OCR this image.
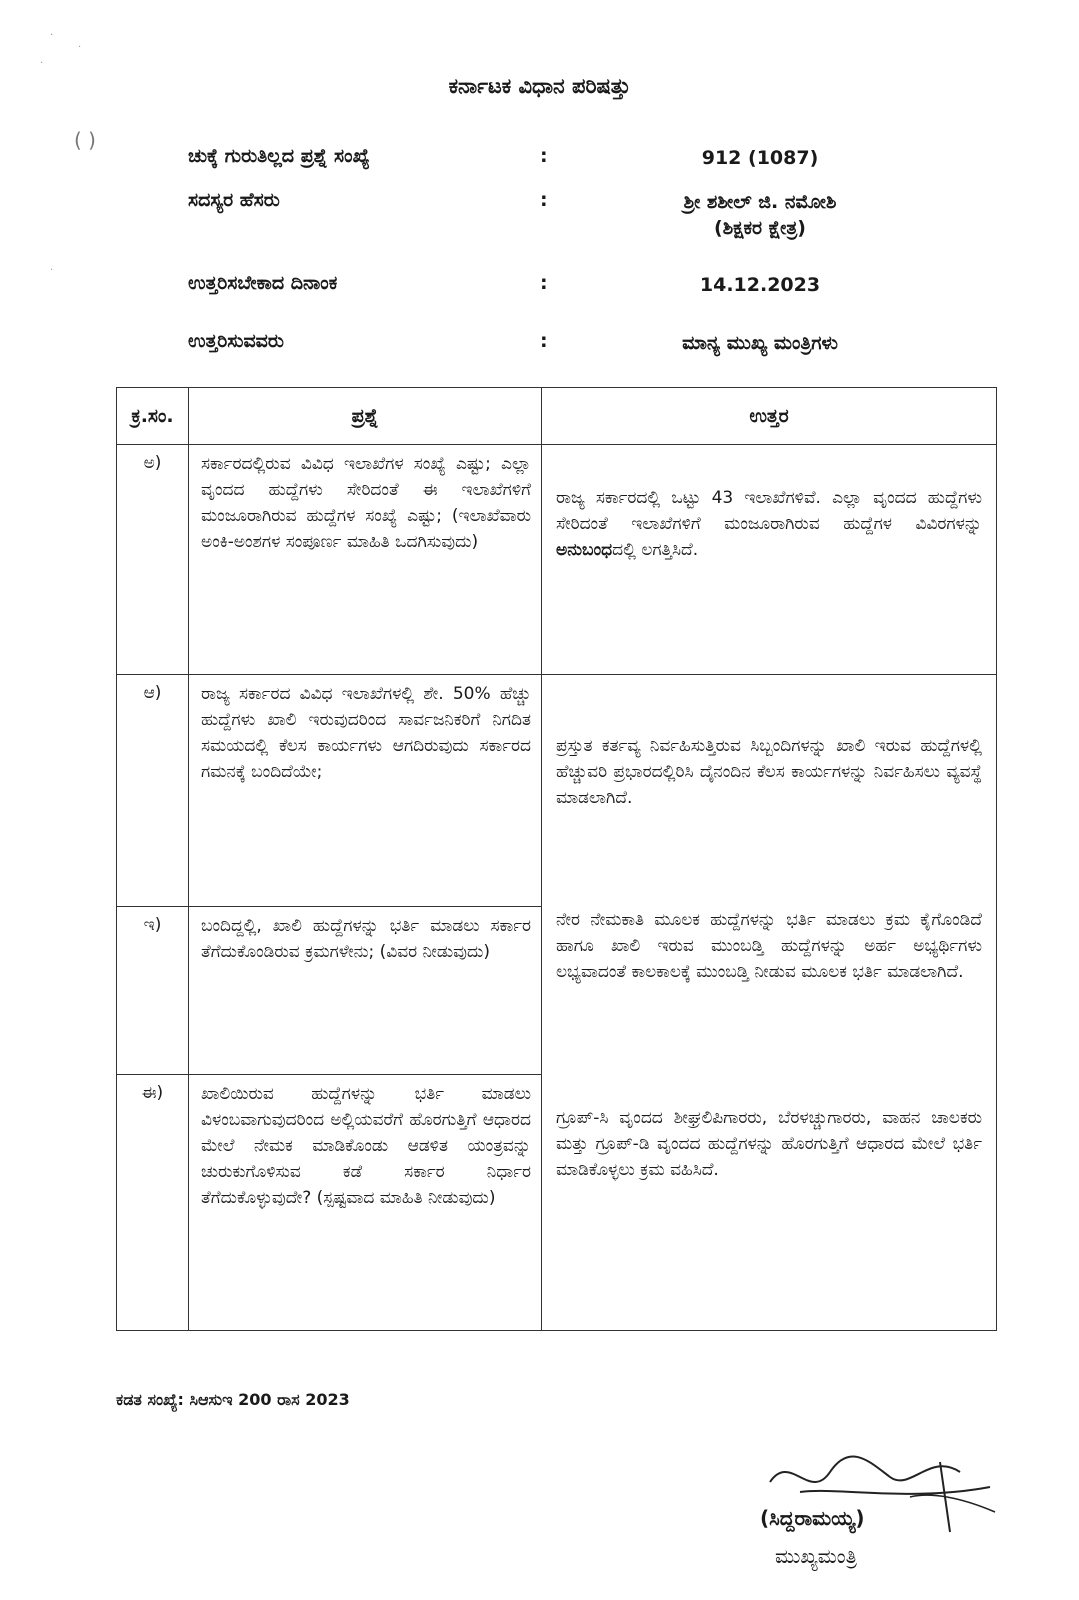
·
·
·
·
( )
ಕರ್ನಾಟಕ ವಿಧಾನ ಪರಿಷತ್ತು
ಚುಕ್ಕೆ ಗುರುತಿಲ್ಲದ ಪ್ರಶ್ನೆ ಸಂಖ್ಯೆ	:	912 (1087)
ಸದಸ್ಯರ ಹೆಸರು	:	ಶ್ರೀ ಶಶೀಲ್ ಜಿ. ನಮೋಶಿ
(ಶಿಕ್ಷಕರ ಕ್ಷೇತ್ರ)
ಉತ್ತರಿಸಬೇಕಾದ ದಿನಾಂಕ	:	14.12.2023
ಉತ್ತರಿಸುವವರು	:	ಮಾನ್ಯ ಮುಖ್ಯ ಮಂತ್ರಿಗಳು
ಕ್ರ.ಸಂ.	ಪ್ರಶ್ನೆ	ಉತ್ತರ
ಅ)	ಸರ್ಕಾರದಲ್ಲಿರುವ ವಿವಿಧ ಇಲಾಖೆಗಳ ಸಂಖ್ಯೆ ಎಷ್ಟು; ಎಲ್ಲಾ ವೃಂದದ ಹುದ್ದೆಗಳು ಸೇರಿದಂತೆ ಈ ಇಲಾಖೆಗಳಿಗೆ ಮಂಜೂರಾಗಿರುವ ಹುದ್ದೆಗಳ ಸಂಖ್ಯೆ ಎಷ್ಟು; (ಇಲಾಖೆವಾರು ಅಂಕಿ-ಅಂಶಗಳ ಸಂಪೂರ್ಣ ಮಾಹಿತಿ ಒದಗಿಸುವುದು)	ರಾಜ್ಯ ಸರ್ಕಾರದಲ್ಲಿ ಒಟ್ಟು 43 ಇಲಾಖೆಗಳಿವೆ. ಎಲ್ಲಾ ವೃಂದದ ಹುದ್ದೆಗಳು ಸೇರಿದಂತೆ ಇಲಾಖೆಗಳಿಗೆ ಮಂಜೂರಾಗಿರುವ ಹುದ್ದೆಗಳ ವಿವಿರಗಳನ್ನು ಅನುಬಂಧದಲ್ಲಿ ಲಗತ್ತಿಸಿದೆ.

ಆ)	ರಾಜ್ಯ ಸರ್ಕಾರದ ವಿವಿಧ ಇಲಾಖೆಗಳಲ್ಲಿ ಶೇ. 50% ಹೆಚ್ಚು ಹುದ್ದೆಗಳು ಖಾಲಿ ಇರುವುದರಿಂದ ಸಾರ್ವಜನಿಕರಿಗೆ ನಿಗದಿತ ಸಮಯದಲ್ಲಿ ಕೆಲಸ ಕಾರ್ಯಗಳು ಆಗದಿರುವುದು ಸರ್ಕಾರದ ಗಮನಕ್ಕೆ ಬಂದಿದೆಯೇ;	ಪ್ರಸ್ತುತ ಕರ್ತವ್ಯ ನಿರ್ವಹಿಸುತ್ತಿರುವ ಸಿಬ್ಬಂದಿಗಳನ್ನು ಖಾಲಿ ಇರುವ ಹುದ್ದೆಗಳಲ್ಲಿ ಹೆಚ್ಚುವರಿ ಪ್ರಭಾರದಲ್ಲಿರಿಸಿ ದೈನಂದಿನ ಕೆಲಸ ಕಾರ್ಯಗಳನ್ನು ನಿರ್ವಹಿಸಲು ವ್ಯವಸ್ಥೆ ಮಾಡಲಾಗಿದೆ.

ಇ)	ಬಂದಿದ್ದಲ್ಲಿ, ಖಾಲಿ ಹುದ್ದೆಗಳನ್ನು ಭರ್ತಿ ಮಾಡಲು ಸರ್ಕಾರ ತೆಗೆದುಕೊಂಡಿರುವ ಕ್ರಮಗಳೇನು; (ವಿವರ ನೀಡುವುದು)	ನೇರ ನೇಮಕಾತಿ ಮೂಲಕ ಹುದ್ದೆಗಳನ್ನು ಭರ್ತಿ ಮಾಡಲು ಕ್ರಮ ಕೈಗೊಂಡಿದೆ ಹಾಗೂ ಖಾಲಿ ಇರುವ ಮುಂಬಡ್ತಿ ಹುದ್ದೆಗಳನ್ನು ಅರ್ಹ ಅಭ್ಯರ್ಥಿಗಳು ಲಭ್ಯವಾದಂತೆ ಕಾಲಕಾಲಕ್ಕೆ ಮುಂಬಡ್ತಿ ನೀಡುವ ಮೂಲಕ ಭರ್ತಿ ಮಾಡಲಾಗಿದೆ.

ಈ)	ಖಾಲಿಯಿರುವ ಹುದ್ದೆಗಳನ್ನು ಭರ್ತಿ ಮಾಡಲು ವಿಳಂಬವಾಗುವುದರಿಂದ ಅಲ್ಲಿಯವರೆಗೆ ಹೊರಗುತ್ತಿಗೆ ಆಧಾರದ ಮೇಲೆ ನೇಮಕ ಮಾಡಿಕೊಂಡು ಆಡಳಿತ ಯಂತ್ರವನ್ನು ಚುರುಕುಗೊಳಿಸುವ ಕಡೆ ಸರ್ಕಾರ ನಿರ್ಧಾರ ತೆಗೆದುಕೊಳ್ಳುವುದೇ? (ಸ್ಪಷ್ಟವಾದ ಮಾಹಿತಿ ನೀಡುವುದು)	ಗ್ರೂಪ್-ಸಿ ವೃಂದದ ಶೀಘ್ರಲಿಪಿಗಾರರು, ಬೆರಳಚ್ಚುಗಾರರು, ವಾಹನ ಚಾಲಕರು ಮತ್ತು ಗ್ರೂಪ್-ಡಿ ವೃಂದದ ಹುದ್ದೆಗಳನ್ನು ಹೊರಗುತ್ತಿಗೆ ಆಧಾರದ ಮೇಲೆ ಭರ್ತಿ ಮಾಡಿಕೊಳ್ಳಲು ಕ್ರಮ ವಹಿಸಿದೆ.
ಕಡತ ಸಂಖ್ಯೆ: ಸಿಆಸುಇ 200 ರಾಸ 2023
(ಸಿದ್ದರಾಮಯ್ಯ)
ಮುಖ್ಯಮಂತ್ರಿ
